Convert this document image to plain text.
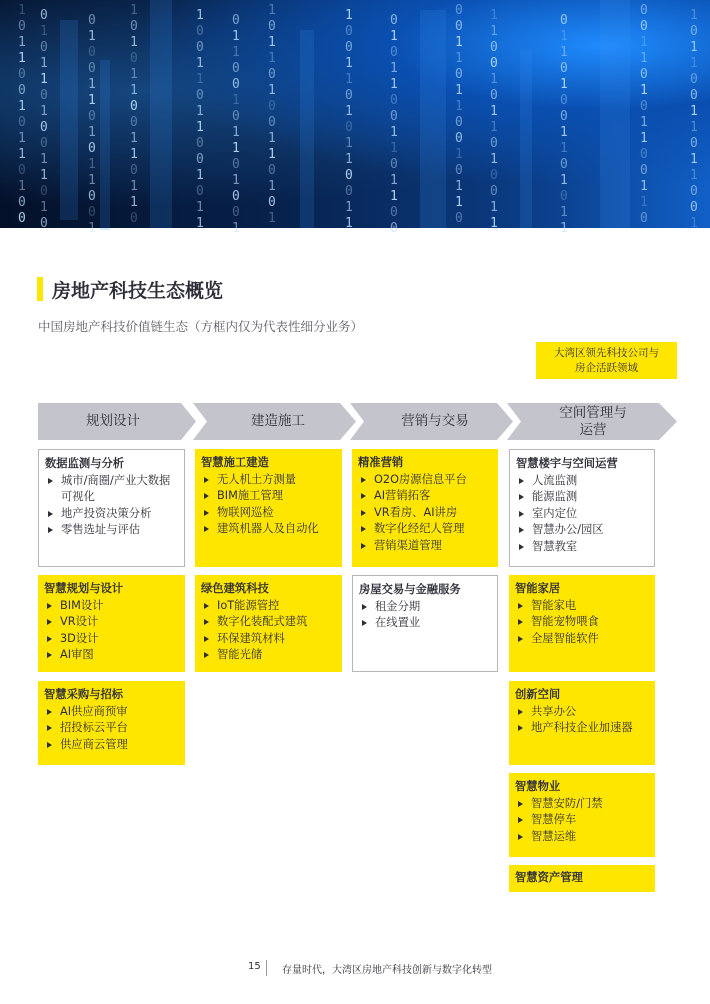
1
0
1
1
0
0
1
0
1
1
0
1
0
0
0
1
0
1
1
0
1
0
0
1
1
0
1
0
0
1
0
0
1
1
0
1
0
1
1
0
0
1
1
0
1
0
1
1
0
0
1
1
0
1
1
0
1
0
0
1
1
0
1
1
0
0
1
0
1
1
0
1
1
0
0
1
0
1
1
0
1
0
0
1
1
0
1
1
0
1
0
0
1
1
0
1
0
1
1
0
0
1
1
0
1
0
1
1
0
0
1
1
0
1
0
1
1
0
0
1
1
0
1
1
0
0
0
0
1
1
0
1
1
0
0
1
0
1
1
0
1
1
0
0
1
0
1
1
0
1
0
0
1
1
0
1
1
0
1
0
0
1
1
0
1
0
1
1
0
0
1
1
0
1
0
1
1
0
0
1
1
0
1
0
1
1
0
0
1
1
0
1
1
0
0
1
房地产科技生态概览
中国房地产科技价值链生态（方框内仅为代表性细分业务）
大湾区领先科技公司与房企活跃领域
规划设计	建造施工	营销与交易
空间管理与运营
数据监测与分析
城市/商圈/产业大数据可视化
地产投资决策分析
零售选址与评估
智慧规划与设计
BIM设计
VR设计
3D设计
AI审图
智慧采购与招标
AI供应商预审
招投标云平台
供应商云管理
智慧施工建造
无人机土方测量
BIM施工管理
物联网巡检
建筑机器人及自动化
绿色建筑科技
IoT能源管控
数字化装配式建筑
环保建筑材料
智能光储
精准营销
O2O房源信息平台
AI营销拓客
VR看房、AI讲房
数字化经纪人管理
营销渠道管理
房屋交易与金融服务
租金分期
在线置业
智慧楼宇与空间运营
人流监测
能源监测
室内定位
智慧办公/园区
智慧教室
智能家居
智能家电
智能宠物喂食
全屋智能软件
创新空间
共享办公
地产科技企业加速器
智慧物业
智慧安防/门禁
智慧停车
智慧运维
智慧资产管理
15 存量时代，大湾区房地产科技创新与数字化转型
